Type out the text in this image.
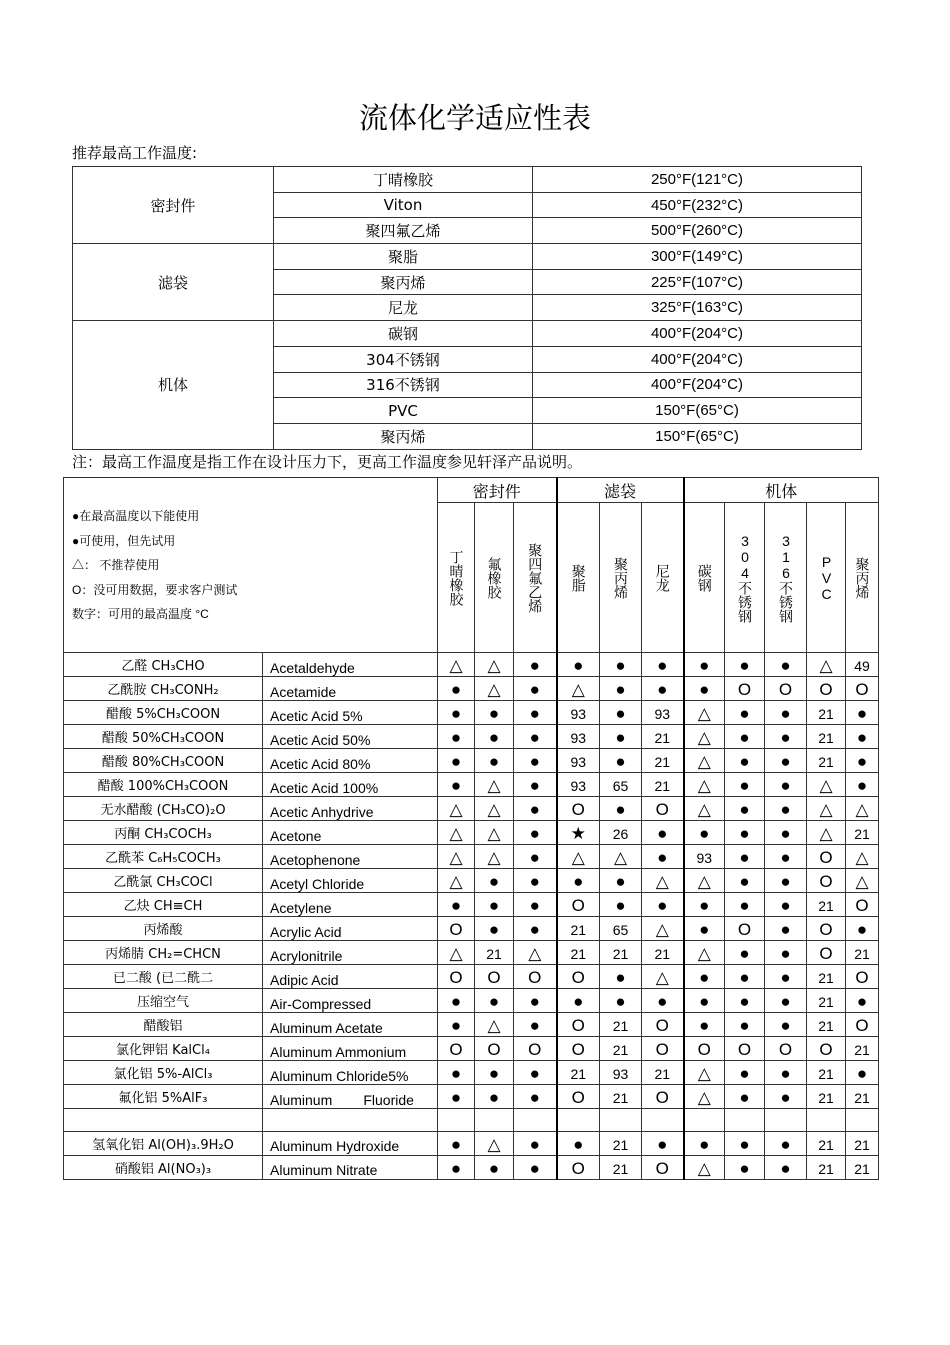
流体化学适应性表
推荐最高工作温度:
密封件	丁晴橡胶	250°F(121°C)
	Viton	450°F(232°C)
	聚四氟乙烯	500°F(260°C)
滤袋	聚脂	300°F(149°C)
	聚丙烯	225°F(107°C)
	尼龙	325°F(163°C)
机体	碳钢	400°F(204°C)
	304不锈钢	400°F(204°C)
	316不锈钢	400°F(204°C)
	PVC	150°F(65°C)
	聚丙烯	150°F(65°C)
注：最高工作温度是指工作在设计压力下，更高工作温度参见轩泽产品说明。
●在最高温度以下能使用
●可使用，但先试用
△： 不推荐使用
O：没可用数据，要求客户测试
数字：可用的最高温度 °C		密封件			滤袋			机体				
		丁晴橡胶	氟橡胶	聚四氟乙烯	聚脂	聚丙烯	尼龙	碳钢	304不锈钢	316不锈钢	PVC	聚丙烯
乙醛 CH₃CHO	Acetaldehyde	△	△	●	●	●	●	●	●	●	△	49
乙酰胺 CH₃CONH₂	Acetamide	●	△	●	△	●	●	●	O	O	O	O
醋酸 5%CH₃COON	Acetic Acid 5%	●	●	●	93	●	93	△	●	●	21	●
醋酸 50%CH₃COON	Acetic Acid 50%	●	●	●	93	●	21	△	●	●	21	●
醋酸 80%CH₃COON	Acetic Acid 80%	●	●	●	93	●	21	△	●	●	21	●
醋酸 100%CH₃COON	Acetic Acid 100%	●	△	●	93	65	21	△	●	●	△	●
无水醋酸 (CH₃CO)₂O	Acetic Anhydrive	△	△	●	O	●	O	△	●	●	△	△
丙酮 CH₃COCH₃	Acetone	△	△	●	★	26	●	●	●	●	△	21
乙酰苯 C₆H₅COCH₃	Acetophenone	△	△	●	△	△	●	93	●	●	O	△
乙酰氯 CH₃COCl	Acetyl Chloride	△	●	●	●	●	△	△	●	●	O	△
乙炔 CH≡CH	Acetylene	●	●	●	O	●	●	●	●	●	21	O
丙烯酸	Acrylic Acid	O	●	●	21	65	△	●	O	●	O	●
丙烯腈 CH₂=CHCN	Acrylonitrile	△	21	△	21	21	21	△	●	●	O	21
已二酸 (已二酰二	Adipic Acid	O	O	O	O	●	△	●	●	●	21	O
压缩空气	Air-Compressed	●	●	●	●	●	●	●	●	●	21	●
醋酸铝	Aluminum Acetate	●	△	●	O	21	O	●	●	●	21	O
氯化钾铝 KalCl₄	Aluminum Ammonium	O	O	O	O	21	O	O	O	O	O	21
氯化铝 5%-AlCl₃	Aluminum Chloride5%	●	●	●	21	93	21	△	●	●	21	●
氟化铝 5%AlF₃	Aluminum        Fluoride	●	●	●	O	21	O	△	●	●	21	21

氢氧化铝 Al(OH)₃.9H₂O	Aluminum Hydroxide	●	△	●	●	21	●	●	●	●	21	21
硝酸铝 Al(NO₃)₃	Aluminum Nitrate	●	●	●	O	21	O	△	●	●	21	21
